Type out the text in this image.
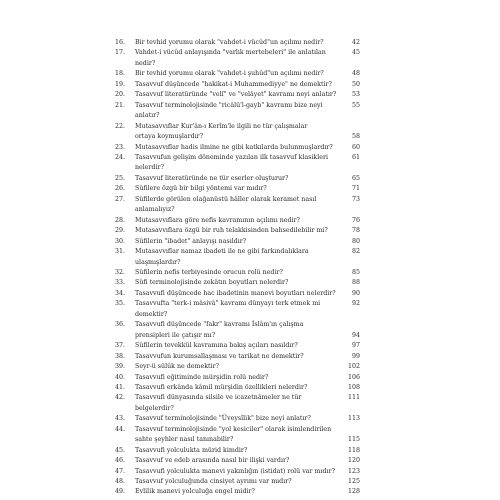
16.	Bir tevhid yorumu olarak "vahdet-i vücûd"un açılımı nedir?	42
17.	Vahdet-i vücûd anlayışında "varlık mertebeleri" ile anlatılan nedir?
45
18.	Bir tevhid yorumu olarak "vahdet-i şuhûd"un açılımı nedir?	48
19.	Tasavvuf düşüncede "hakikat-i Muhammediyye" ne demektir?	50
20.	Tasavvuf literatüründe "velî" ve "velâyet" kavramı neyi anlatır?	53
21.	Tasavvuf terminolojisinde "ricâlü'l-gayb" kavramı bize neyi anlatır?
55
22.	Mutasavvıflar Kur'ân-ı Kerîm'le ilgili ne tür çalışmalar
ortaya koymuşlardır?	58
23.	Mutasavvıflar hadis ilmine ne gibi katkılarda bulunmuşlardır?	60
24.	Tasavvufun gelişim döneminde yazılan ilk tasavvuf klasikleri nelerdir?
61
25.	Tasavvuf literatüründe ne tür eserler oluşturur?	65
26.	Sûfilere özgü bir bilgi yöntemi var mıdır?	71
27.	Sûfilerde görülen olağanüstü hâller olarak keramet nasıl anlamalıyız?
73
28.	Mutasavvıflara göre nefis kavramının açılımı nedir?	76
29.	Mutasavvıflara özgü bir ruh telakkisinden bahsedilebilir mi?	78
30.	Sûfilerin "ibadet" anlayışı nasıldır?	80
31.	Mutasavvıflar namaz ibadeti ile ne gibi farkındalıklara ulaşmışlardır?
82
32.	Sûfilerin nefis terbiyesinde orucun rolü nedir?	85
33.	Sûfi terminolojisinde zekâtın boyutları nelerdir?	88
34.	Tasavvufi düşüncede hac ibadetinin manevi boyutları nelerdir?	90
35.	Tasavvufta "terk-i mâsivâ" kavramı dünyayı terk etmek mi demektir?
92
36.	Tasavvufi düşüncede "fakr" kavramı İslâm'ın çalışma
prensipleri ile çatışır mı?	94
37.	Sûfilerin tevekkül kavramına bakış açıları nasıldır?	97
38.	Tasavvufun kurumsallaşması ve tarikat ne demektir?	99
39.	Seyr-ü sülûk ne demektir?	102
40.	Tasavvufi eğitiminde mürşidin rolü nedir?	106
41.	Tasavvufi erkânda kâmil mürşidin özellikleri nelerdir?	108
42.	Tasavvufi dünyasında silsile ve icazetnâmeler ne tür belgelerdir?
111
43.	Tasavvuf terminolojisinde "Üveysîlik" bize neyi anlatır?	113
44.	Tasavvuf terminolojisinde "yol kesiciler" olarak isimlendirilen
sahte şeyhler nasıl tanınabilir?	115
45.	Tasavvufi yolculukta mürid kimdir?	118
46.	Tasavvuf ve edeb arasında nasıl bir ilişki vardır?	120
47.	Tasavvufi yolculukta manevi yakınlığın (istidat) rolü var mıdır?	123
48.	Tasavvuf yolculuğunda cinsiyet ayrımı var mıdır?	125
49.	Evlilik manevi yolculuğa engel midir?	128
